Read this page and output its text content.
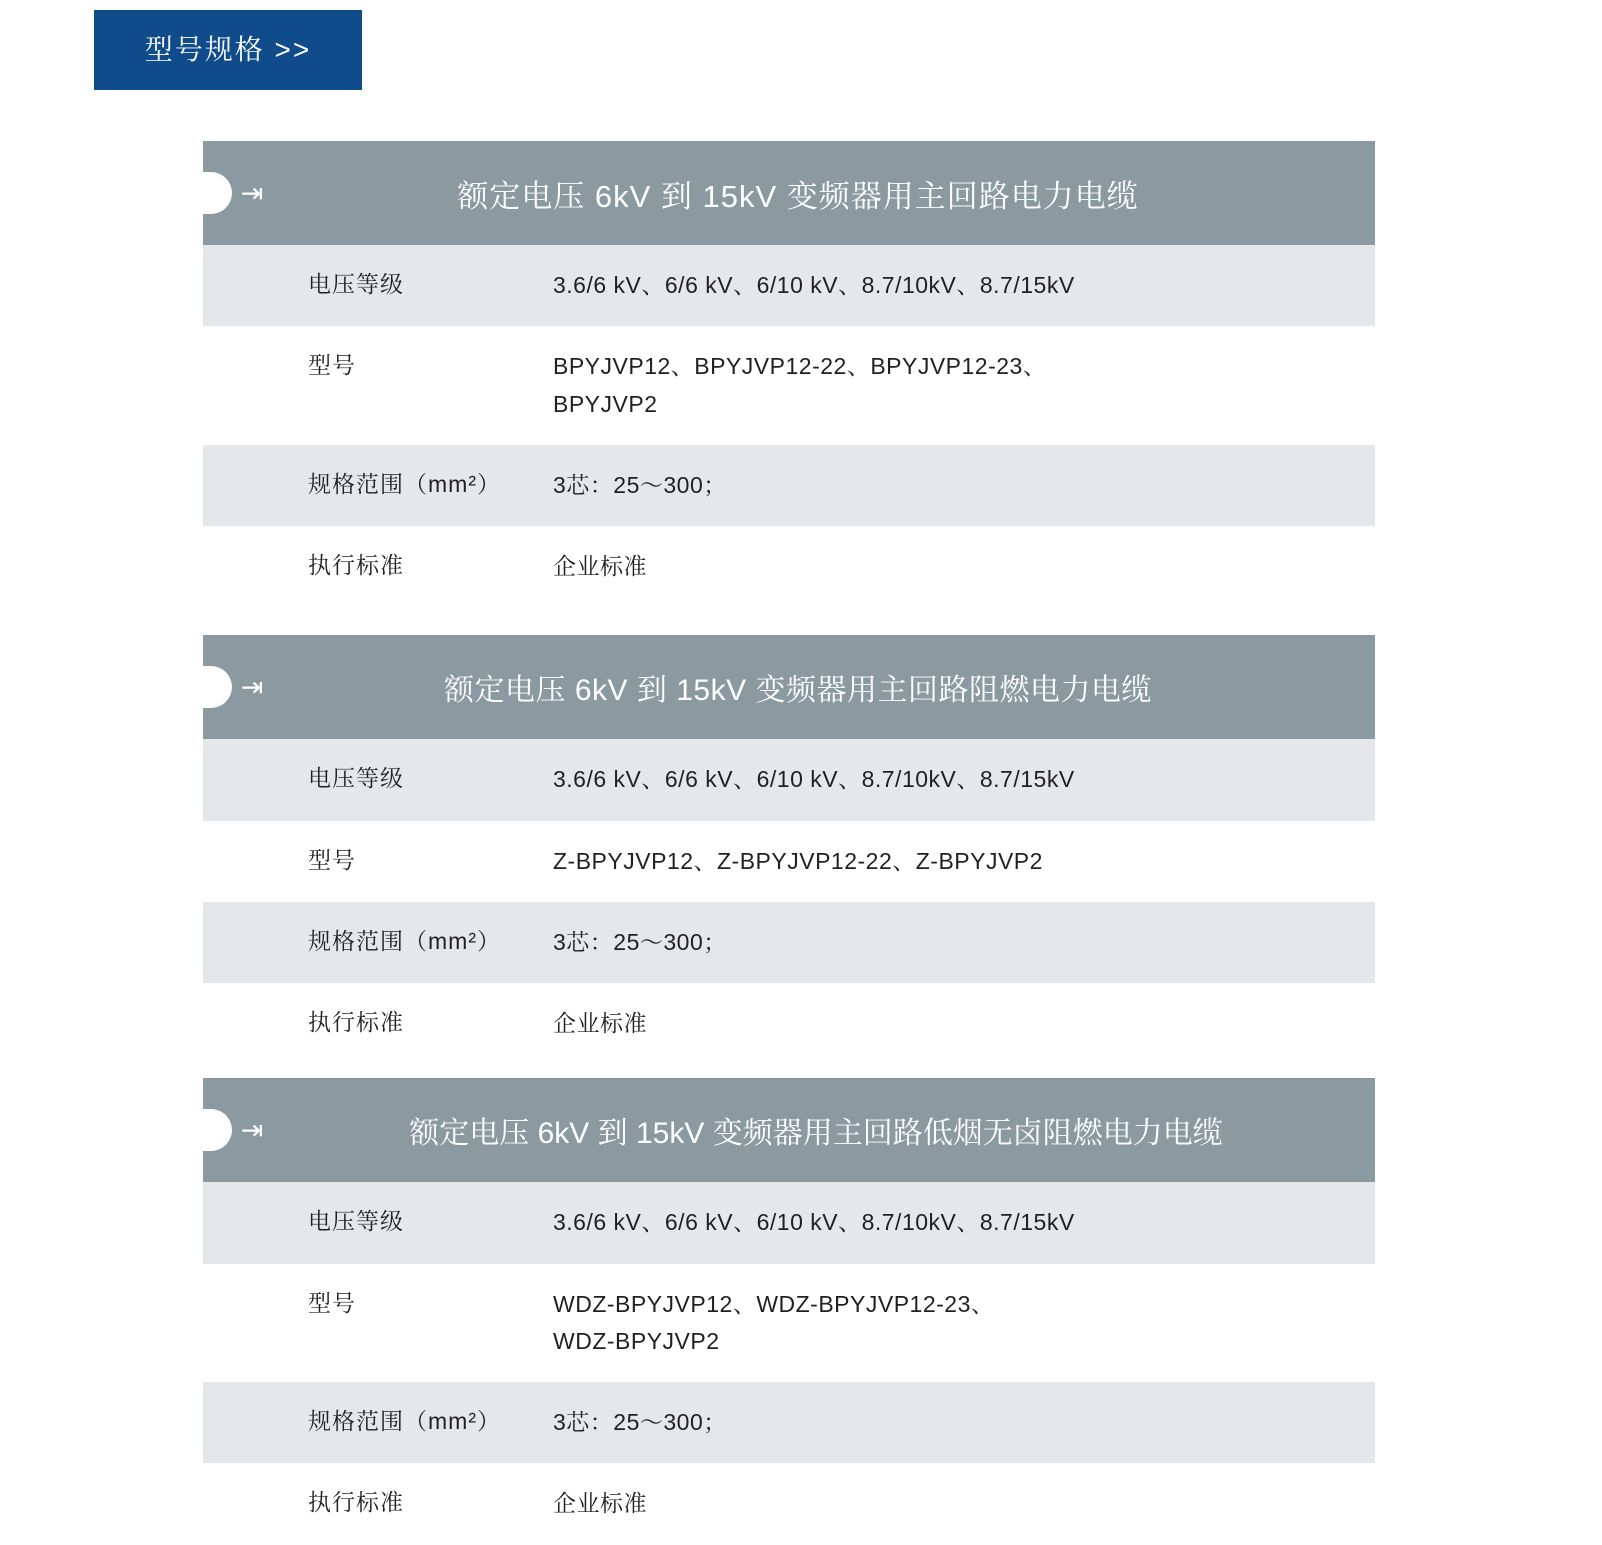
型号规格 >>
⇥	额定电压 6kV 到 15kV 变频器用主回路电力电缆
电压等级	3.6/6 kV、6/6 kV、6/10 kV、8.7/10kV、8.7/15kV
型号	BPYJVP12、BPYJVP12-22、BPYJVP12-23、
BPYJVP2
规格范围（mm²）	3芯：25～300；
执行标准	企业标准
⇥	额定电压 6kV 到 15kV 变频器用主回路阻燃电力电缆
电压等级	3.6/6 kV、6/6 kV、6/10 kV、8.7/10kV、8.7/15kV
型号	Z-BPYJVP12、Z-BPYJVP12-22、Z-BPYJVP2
规格范围（mm²）	3芯：25～300；
执行标准	企业标准
⇥	额定电压 6kV 到 15kV 变频器用主回路低烟无卤阻燃电力电缆
电压等级	3.6/6 kV、6/6 kV、6/10 kV、8.7/10kV、8.7/15kV
型号	WDZ-BPYJVP12、WDZ-BPYJVP12-23、
WDZ-BPYJVP2
规格范围（mm²）	3芯：25～300；
执行标准	企业标准
